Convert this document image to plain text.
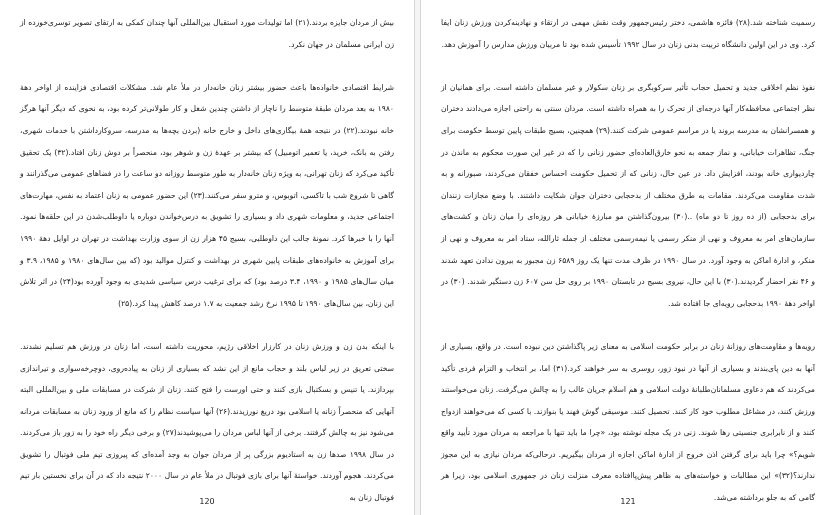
بیش از مردان جایزه بردند.(۲۱) اما تولیدات مورد استقبال بین‌المللی آنها چندان کمکی به ارتقای تصویر توسری‌خورده از زن ایرانی مسلمان در جهان نکرد.

شرایط اقتصادی خانواده‌ها باعث حضور بیشتر زنان خانه‌دار در ملأ عام شد. مشکلات اقتصادی فزاینده از اواخر دهۀ ۱۹۸۰ به بعد مردان طبقۀ متوسط را ناچار از داشتن چندین شغل و کار طولانی‌تر کرده بود، به نحوی که دیگر آنها هرگز خانه نبودند.(۲۲) در نتیجه همۀ بیگاری‌های داخل و خارج خانه (بردن بچه‌ها به مدرسه، سروکارداشتن با خدمات شهری، رفتن به بانک، خرید، یا تعمیر اتومبیل) که بیشتر بر عهدۀ زن و شوهر بود، منحصراً بر دوش زنان افتاد.(۳۲) یک تحقیق تأکید می‌کرد که زنان تهرانی، به ویژه زنان خانه‌دار به طور متوسط روزانه دو ساعت را در فضاهای عمومی می‌گذرانند و گاهی تا شروع شب با تاکسی، اتوبوس، و مترو سفر می‌کنند.(۲۳) این حضور عمومی به زنان اعتماد به نفس، مهارت‌های اجتماعی جدید، و معلومات شهری داد و بسیاری را تشویق به درس‌خواندن دوباره یا داوطلب‌شدن در این حلقه‌ها نمود. آنها را با خبرها کرد. نمونۀ جالب این داوطلبی، بسیج ۴۵ هزار زن از سوی وزارت بهداشت در تهران در اوایل دهۀ ۱۹۹۰ برای آموزش به خانواده‌های طبقات پایین شهری در بهداشت و کنترل موالید بود (که بین سال‌های ۱۹۸۰ و ۱۹۸۵، ۳.۹ و میان سال‌های ۱۹۸۵ و ۱۹۹۰، ۳.۴ درصد بود) که برای ترغیب درس سیاسی شدیدی به وجود آورده بود(۲۴) در اثر تلاش این زنان، بین سال‌های ۱۹۹۰ تا ۱۹۹۵ نرخ رشد جمعیت به ۱.۷ درصد کاهش پیدا کرد.(۲۵)

با اینکه بدن زن و ورزش زنان در کارزار اخلاقی رژیم، محوریت داشته است، اما زنان در ورزش هم تسلیم نشدند. سختی تعریق در زیر لباس بلند و حجاب مانع از این نشد که بسیاری از زنان به پیاده‌روی، دوچرخه‌سواری و تیراندازی بپردازند. یا تنیس و بسکتبال بازی کنند و حتی اورست را فتح کنند. زنان از شرکت در مسابقات ملی و بین‌المللی البته آنهایی که منحصراً زنانه یا اسلامی بود دریغ نورزیدند.(۲۶) آنها سیاست نظام را که مانع از ورود زنان به مسابقات مردانه می‌شود نیز به چالش گرفتند. برخی از آنها لباس مردان را می‌پوشیدند(۲۷) و برخی دیگر راه خود را به زور باز می‌کردند. در سال ۱۹۹۸ صدها زن به استادیوم بزرگی پر از مردان جوان به وجد آمده‌ای که پیروزی تیم ملی فوتبال را تشویق می‌کردند. هجوم آوردند. خواستۀ آنها برای بازی فوتبال در ملأ عام در سال ۲۰۰۰ نتیجه داد که در آن برای نخستین بار تیم فوتبال زنان به

120

رسمیت شناخته شد.(۲۸) فائزه هاشمی، دختر رئیس‌جمهور وقت نقش مهمی در ارتقاء و نهادینه‌کردن ورزش زنان ایفا کرد. وی در این اولین دانشگاه تربیت بدنی زنان در سال ۱۹۹۲ تأسیس شده بود تا مربیان ورزش مدارس را آموزش دهد.

نفوذ نظم اخلاقی جدید و تحمیل حجاب تأثیر سرکوبگری بر زنان سکولار و غیر مسلمان داشته است. برای همانیان از نظر اجتماعی محافظه‌کار آنها درجه‌ای از تحرک را به همراه داشته است. مردان سنتی به راحتی اجازه می‌دادند دختران و همسرانشان به مدرسه بروند یا در مراسم عمومی شرکت کنند.(۲۹) همچنین، بسیج طبقات پایین توسط حکومت برای جنگ، تظاهرات خیابانی، و نماز جمعه به نحو خارق‌العاده‌ای حضور زنانی را که در غیر این صورت محکوم به ماندن در چاردیواری خانه بودند، افزایش داد. در عین حال، زنانی که از تحمیل حکومت احساس خفقان می‌کردند، صبورانه و به شدت مقاومت می‌کردند. مقامات به طرق مختلف از بدحجابی دختران جوان شکایت داشتند. با وضع مجازات زنندان برای بدحجابی (از ده روز تا دو ماه) ..(۳۰) بیرون‌گذاشتن مو مبارزۀ خیابانی هر روزه‌ای را میان زنان و کشت‌های سازمان‌های امر به معروف و نهی از منکر رسمی یا نیمه‌رسمی مختلف از جمله ثارالله، ستاد امر به معروف و نهی از منکر، و ادارۀ اماکن به وجود آورد. در سال ۱۹۹۰ در ظرف مدت تنها یک روز ۶۵۸۹ زن مجبور به بیرون‌ ندادن تعهد شدند و ۴۶ نفر احضار گردیدند.(۳۰) با این حال، نیروی بسیج در تابستان ۱۹۹۰ بر روی حل سن ۶۰۷ زن دستگیر شدند. (۳۰) در اواخر دهۀ ۱۹۹۰ بدحجابی رویه‌ای جا افتاده شد.

رویه‌ها و مقاومت‌های روزانۀ زنان در برابر حکومت اسلامی به معنای زیر پاگذاشتن دین نبوده است. در واقع، بسیاری از آنها به دین پای‌بندند و بسیاری از آنها در نبود زور، روسری به سر خواهند کرد.(۳۱) اما، بر انتخاب و التزام فردی تأکید می‌کردند که هم دعاوی مسلمانان‌طلبانۀ دولت اسلامی و هم اسلام جریان غالب را به چالش می‌گرفت. زنان می‌خواستند ورزش کنند، در مشاغل مطلوب خود کار کنند. تحصیل کنند. موسیقی گوش فهند یا بنوازند. با کسی که می‌خواهند ازدواج کنند و از نابرابری جنسیتی رها شوند. زنی در یک مجله نوشته بود، «چرا ما باید تنها با مراجعه به مردان مورد تأیید واقع شویم؟» چرا باید برای گرفتن اذن خروج از ادارۀ اماکن اجازه از مردان بیگیریم. درحالی‌که مردان نیازی به این مجوز ندارند؟(۳۲)» این مطالبات و خواسته‌های به ظاهر پیش‌پاافتاده معرف منزلت زنان در جمهوری اسلامی بود، زیرا هر گامی که به جلو برداشته می‌شد.

121
